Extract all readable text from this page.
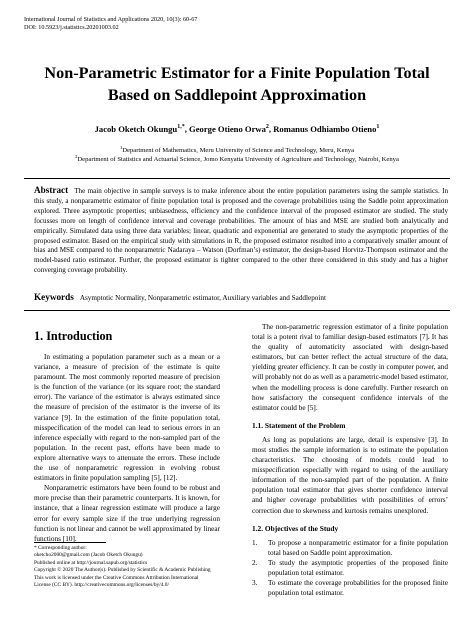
International Journal of Statistics and Applications 2020, 10(3): 60-67
DOI: 10.5923/j.statistics.20201003.02
Non-Parametric Estimator for a Finite Population Total
Based on Saddlepoint Approximation
Jacob Oketch Okungu$^{1,*}$, George Otieno Orwa$^2$, Romanus Odhiambo Otieno$^1$
$^1$Department of Mathematics, Meru University of Science and Technology, Meru, Kenya
$^2$Department of Statistics and Actuarial Science, Jomo Kenyatta University of Agriculture and Technology, Nairobi, Kenya
Abstract The main objective in sample surveys is to make inference about the entire population parameters using the sample statistics. In this study, a nonparametric estimator of finite population total is proposed and the coverage probabilities using the Saddle point approximation explored. Three asymptotic properties; unbiasedness, efficiency and the confidence interval of the proposed estimator are studied. The study focusses more on length of confidence interval and coverage probabilities. The amount of bias and MSE are studied both analytically and empirically. Simulated data using three data variables; linear, quadratic and exponential are generated to study the asymptotic properties of the proposed estimator. Based on the empirical study with simulations in R, the proposed estimator resulted into a comparatively smaller amount of bias and MSE compared to the nonparametric Nadaraya – Watson (Dorfman’s) estimator, the design-based Horvitz-Thompson estimator and the model-based ratio estimator. Further, the proposed estimator is tighter compared to the other three considered in this study and has a higher converging coverage probability.
Keywords Asymptotic Normality, Nonparametric estimator, Auxiliary variables and Saddlepoint
1. Introduction

In estimating a population parameter such as a mean or a variance, a measure of precision of the estimate is quite paramount. The most commonly reported measure of precision is the function of the variance (or its square root; the standard error). The variance of the estimator is always estimated since the measure of precision of the estimator is the inverse of its variance [9]. In the estimation of the finite population total, misspecification of the model can lead to serious errors in an inference especially with regard to the non-sampled part of the population. In the recent past, efforts have been made to explore alternative ways to attenuate the errors. These include the use of nonparametric regression in evolving robust estimators in finite population sampling [5], [12].

Nonparametric estimators have been found to be robust and more precise than their parametric counterparts. It is known, for instance, that a linear regression estimate will produce a large error for every sample size if the true underlying regression function is not linear and cannot be well approximated by linear functions [10].

* Corresponding author:
oketcho2000@gmail.com (Jacob Oketch Okungu)
Published online at http://journal.sapub.org/statistics
Copyright © 2020 The Author(s). Published by Scientific & Academic Publishing
This work is licensed under the Creative Commons Attribution International
License (CC BY). http://creativecommons.org/licenses/by/4.0/

The non-parametric regression estimator of a finite population total is a potent rival to familiar design-based estimators [7]. It has the quality of automaticity associated with design-based estimators, but can better reflect the actual structure of the data, yielding greater efficiency. It can be costly in computer power, and will probably not do as well as a parametric-model based estimator, when the modelling process is done carefully. Further research on how satisfactory the consequent confidence intervals of the estimator could be [5].

1.1. Statement of the Problem

As long as populations are large, detail is expensive [3]. In most studies the sample information is to estimate the population characteristics. The choosing of models could lead to misspecification especially with regard to using of the auxiliary information of the non-sampled part of the population. A finite population total estimator that gives shorter confidence interval and higher coverage probabilities with possibilities of errors’ correction due to skewness and kurtosis remains unexplored.

1.2. Objectives of the Study
1.	To propose a nonparametric estimator for a finite population total based on Saddle point approximation.
2.	To study the asymptotic properties of the proposed finite population total estimator.
3.	To estimate the coverage probabilities for the proposed finite population total estimator.
